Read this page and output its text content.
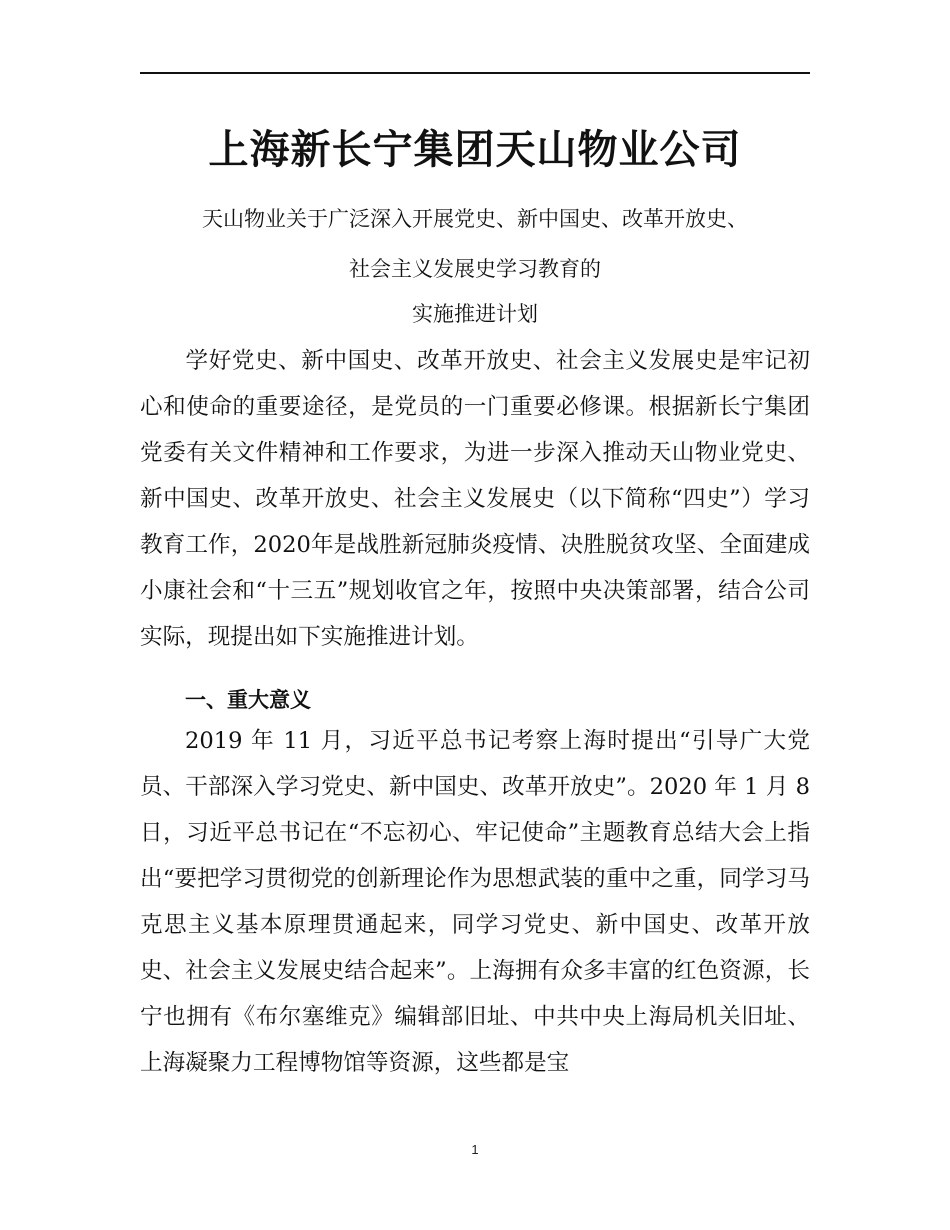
上海新长宁集团天山物业公司
天山物业关于广泛深入开展党史、新中国史、改革开放史、
社会主义发展史学习教育的
实施推进计划

学好党史、新中国史、改革开放史、社会主义发展史是牢记初心和使命的重要途径，是党员的一门重要必修课。根据新长宁集团党委有关文件精神和工作要求，为进一步深入推动天山物业党史、新中国史、改革开放史、社会主义发展史（以下简称“四史”）学习教育工作，2020年是战胜新冠肺炎疫情、决胜脱贫攻坚、全面建成小康社会和“十三五”规划收官之年，按照中央决策部署，结合公司实际，现提出如下实施推进计划。

一、重大意义

2019 年 11 月，习近平总书记考察上海时提出“引导广大党员、干部深入学习党史、新中国史、改革开放史”。2020 年 1 月 8 日，习近平总书记在“不忘初心、牢记使命”主题教育总结大会上指出“要把学习贯彻党的创新理论作为思想武装的重中之重，同学习马克思主义基本原理贯通起来，同学习党史、新中国史、改革开放史、社会主义发展史结合起来”。上海拥有众多丰富的红色资源，长宁也拥有《布尔塞维克》编辑部旧址、中共中央上海局机关旧址、上海凝聚力工程博物馆等资源，这些都是宝

1
